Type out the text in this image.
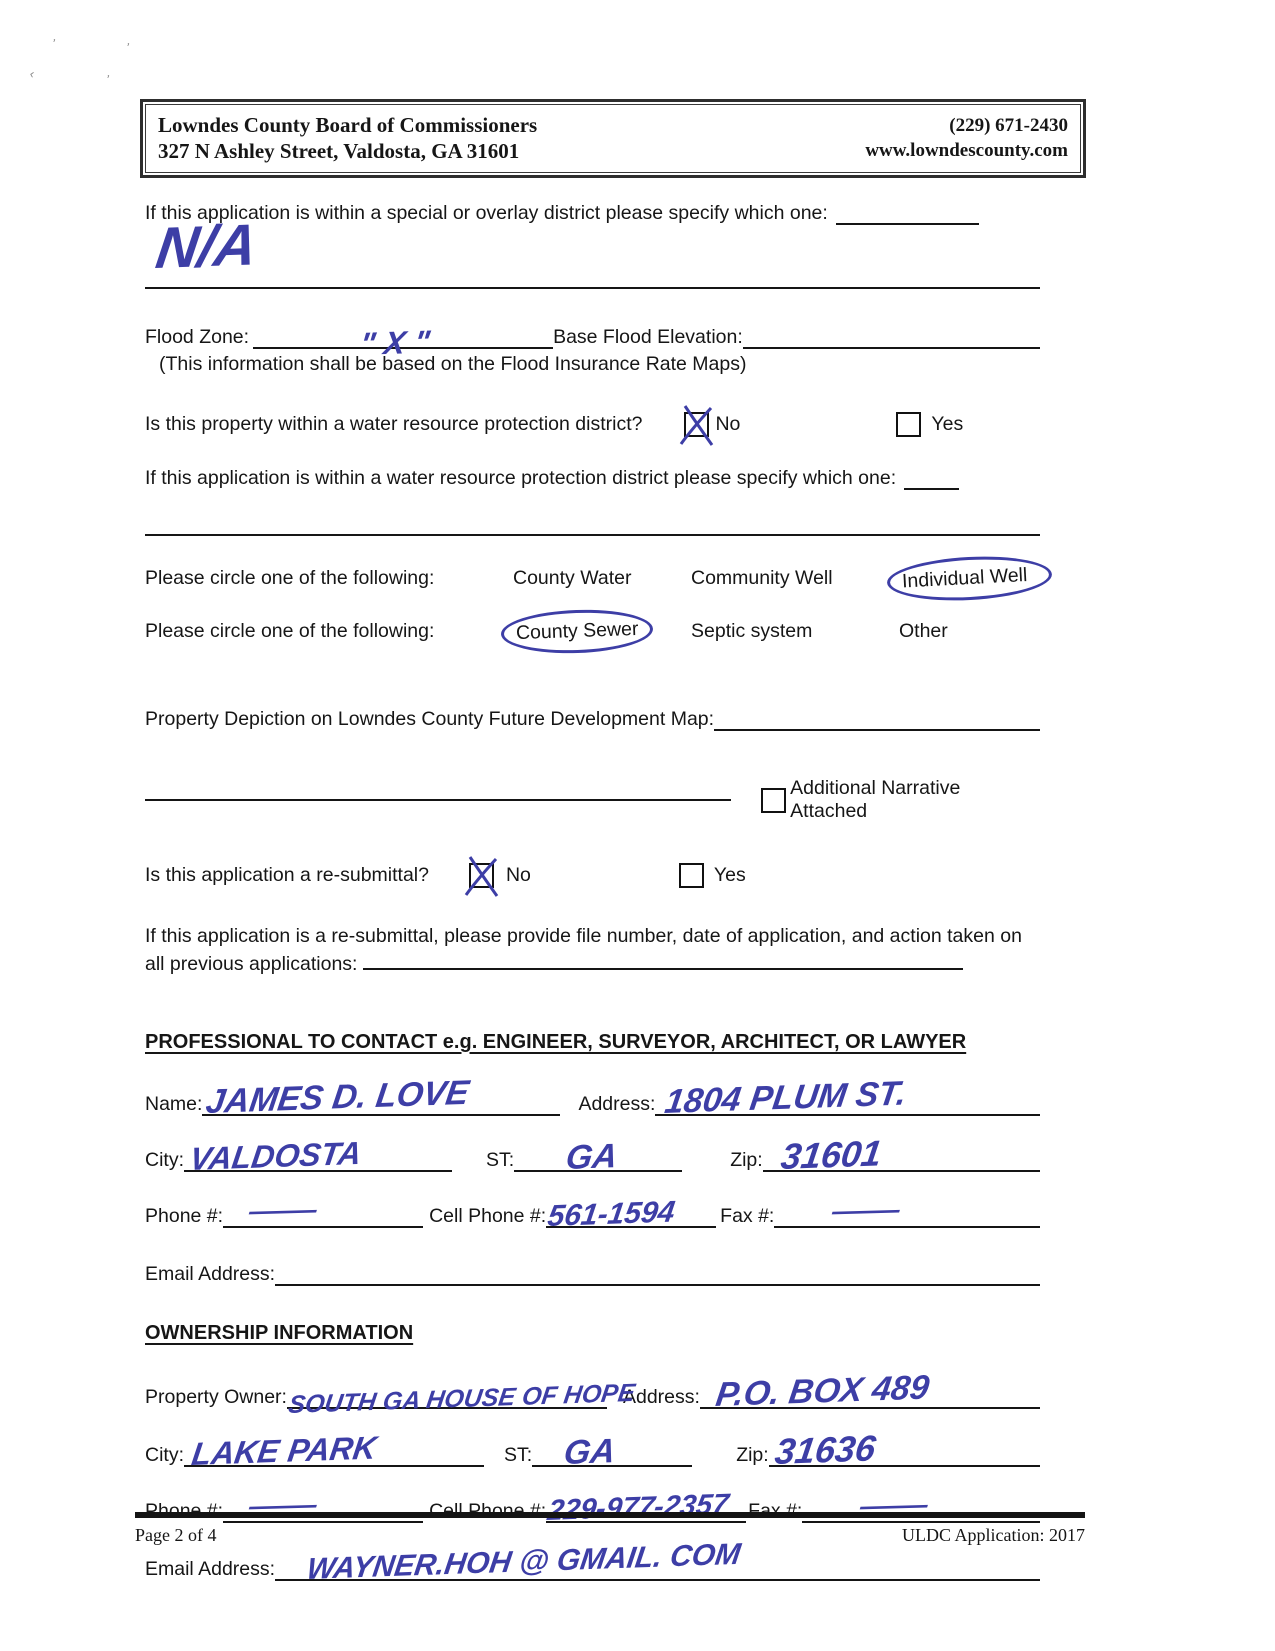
’	’
‹	’
Lowndes County Board of Commissioners
327 N Ashley Street, Valdosta, GA 31601
(229) 671-2430
www.lowndescounty.com
If this application is within a special or overlay district please specify which one:
N/A
Flood Zone:	" X "	Base Flood Elevation:
(This information shall be based on the Flood Insurance Rate Maps)
Is this property within a water resource protection district?	No	Yes
If this application is within a water resource protection district please specify which one:
Please circle one of the following:	County Water	Community Well	Individual Well
Please circle one of the following:	County Sewer	Septic system	Other
Property Depiction on Lowndes County Future Development Map:
Additional Narrative Attached
Is this application a re-submittal?	No	Yes
If this application is a re-submittal, please provide file number, date of application, and action taken on all previous applications:
PROFESSIONAL TO CONTACT e.g. ENGINEER, SURVEYOR, ARCHITECT, OR LAWYER
Name: JAMES D. LOVE	Address: 1804 PLUM ST.
City: VALDOSTA	ST: GA	Zip: 31601
Phone #: —	Cell Phone #: 561-1594 Fax #: —
Email Address:
OWNERSHIP INFORMATION
Property Owner: SOUTH GA HOUSE OF HOPE
Address: P.O. BOX 489
City: LAKE PARK	ST: GA	Zip: 31636
Phone #: —	Cell Phone #: 229-977-2357 Fax #: —
Email Address: WAYNER.HOH @ GMAIL. COM
Page 2 of 4	ULDC Application: 2017
